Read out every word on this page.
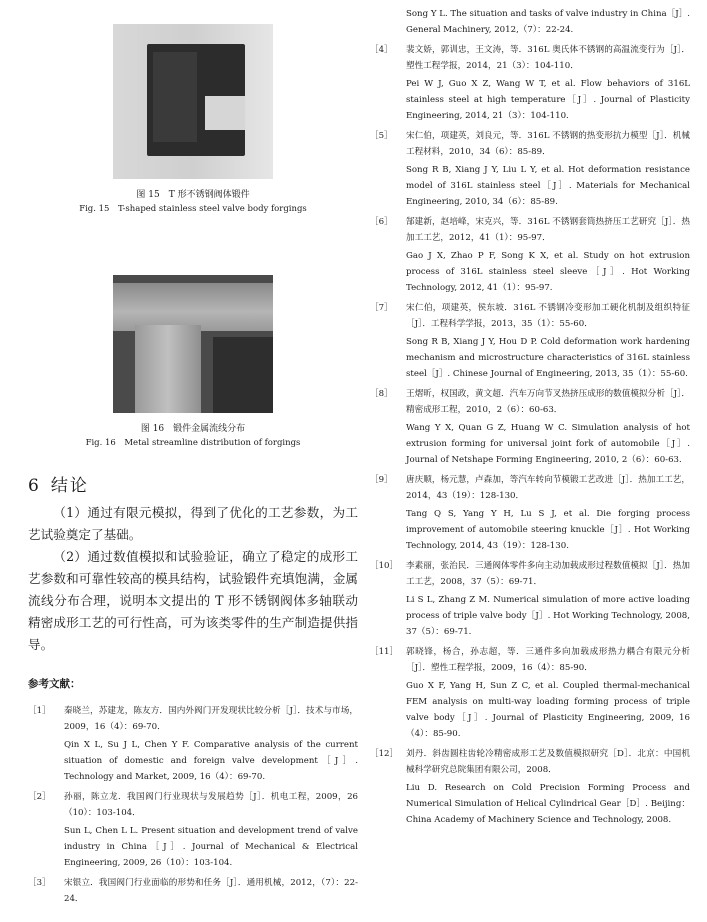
图 15　T 形不锈钢阀体锻件
Fig. 15　T-shaped stainless steel valve body forgings
图 16　锻件金属流线分布
Fig. 16　Metal streamline distribution of forgings
6 结论

（1）通过有限元模拟，得到了优化的工艺参数，为工艺试验奠定了基础。

（2）通过数值模拟和试验验证，确立了稳定的成形工艺参数和可靠性较高的模具结构，试验锻件充填饱满，金属流线分布合理，说明本文提出的 T 形不锈钢阀体多轴联动精密成形工艺的可行性高，可为该类零件的生产制造提供指导。

参考文献：
［1］	秦晓兰，苏建龙，陈友方．国内外阀门开发现状比较分析［J］．技术与市场，2009，16（4）：69-70．

Qin X L, Su J L, Chen Y F. Comparative analysis of the current situation of domestic and foreign valve development［J］. Technology and Market, 2009, 16（4）：69-70.

［2］	孙丽，陈立龙．我国阀门行业现状与发展趋势［J］．机电工程，2009，26（10）：103-104．

Sun L, Chen L L. Present situation and development trend of valve industry in China［J］. Journal of Mechanical & Electrical Engineering, 2009, 26（10）：103-104.

［3］	宋银立．我国阀门行业面临的形势和任务［J］．通用机械，2012，（7）：22-24．

Song Y L. The situation and tasks of valve industry in China［J］. General Machinery, 2012,（7）：22-24.
［4］	裴文娇，郭训忠，王文涛，等．316L 奥氏体不锈钢的高温流变行为［J］．塑性工程学报，2014，21（3）：104-110．

Pei W J, Guo X Z, Wang W T, et al. Flow behaviors of 316L stainless steel at high temperature［J］. Journal of Plasticity Engineering, 2014, 21（3）：104-110.

［5］	宋仁伯，项建英，刘良元，等．316L 不锈钢的热变形抗力模型［J］．机械工程材料，2010，34（6）：85-89．

Song R B, Xiang J Y, Liu L Y, et al. Hot deformation resistance model of 316L stainless steel［J］. Materials for Mechanical Engineering, 2010, 34（6）：85-89.

［6］	郜建新，赵培峰，宋克兴，等．316L 不锈钢套筒热挤压工艺研究［J］．热加工工艺，2012，41（1）：95-97．

Gao J X, Zhao P F, Song K X, et al. Study on hot extrusion process of 316L stainless steel sleeve［J］. Hot Working Technology, 2012, 41（1）：95-97.

［7］	宋仁伯，项建英，侯东坡．316L 不锈钢冷变形加工硬化机制及组织特征［J］．工程科学学报，2013，35（1）：55-60．

Song R B, Xiang J Y, Hou D P. Cold deformation work hardening mechanism and microstructure characteristics of 316L stainless steel［J］. Chinese Journal of Engineering, 2013, 35（1）：55-60.

［8］	王熠昕，权国政，黄文超．汽车万向节叉热挤压成形的数值模拟分析［J］．精密成形工程，2010，2（6）：60-63．

Wang Y X, Quan G Z, Huang W C. Simulation analysis of hot extrusion forming for universal joint fork of automobile［J］. Journal of Netshape Forming Engineering, 2010, 2（6）：60-63.

［9］	唐庆顺，杨元慧，卢森加，等汽车转向节模锻工艺改进［J］．热加工工艺，2014，43（19）：128-130．

Tang Q S, Yang Y H, Lu S J, et al. Die forging process improvement of automobile steering knuckle［J］. Hot Working Technology, 2014, 43（19）：128-130.

［10］ 李素丽，张治民．三通阀体零件多向主动加载成形过程数值模拟［J］．热加工工艺，2008，37（5）：69-71．

Li S L, Zhang Z M. Numerical simulation of more active loading process of triple valve body［J］. Hot Working Technology, 2008, 37（5）：69-71.

［11］ 郭晓锋，杨合，孙志超，等．三通件多向加载成形热力耦合有限元分析［J］．塑性工程学报，2009，16（4）：85-90．

Guo X F, Yang H, Sun Z C, et al. Coupled thermal-mechanical FEM analysis on multi-way loading forming process of triple valve body［J］. Journal of Plasticity Engineering, 2009, 16（4）：85-90.

［12］ 刘丹．斜齿圆柱齿轮冷精密成形工艺及数值模拟研究［D］．北京：中国机械科学研究总院集团有限公司，2008．

Liu D. Research on Cold Precision Forming Process and Numerical Simulation of Helical Cylindrical Gear［D］. Beijing：China Academy of Machinery Science and Technology, 2008.
